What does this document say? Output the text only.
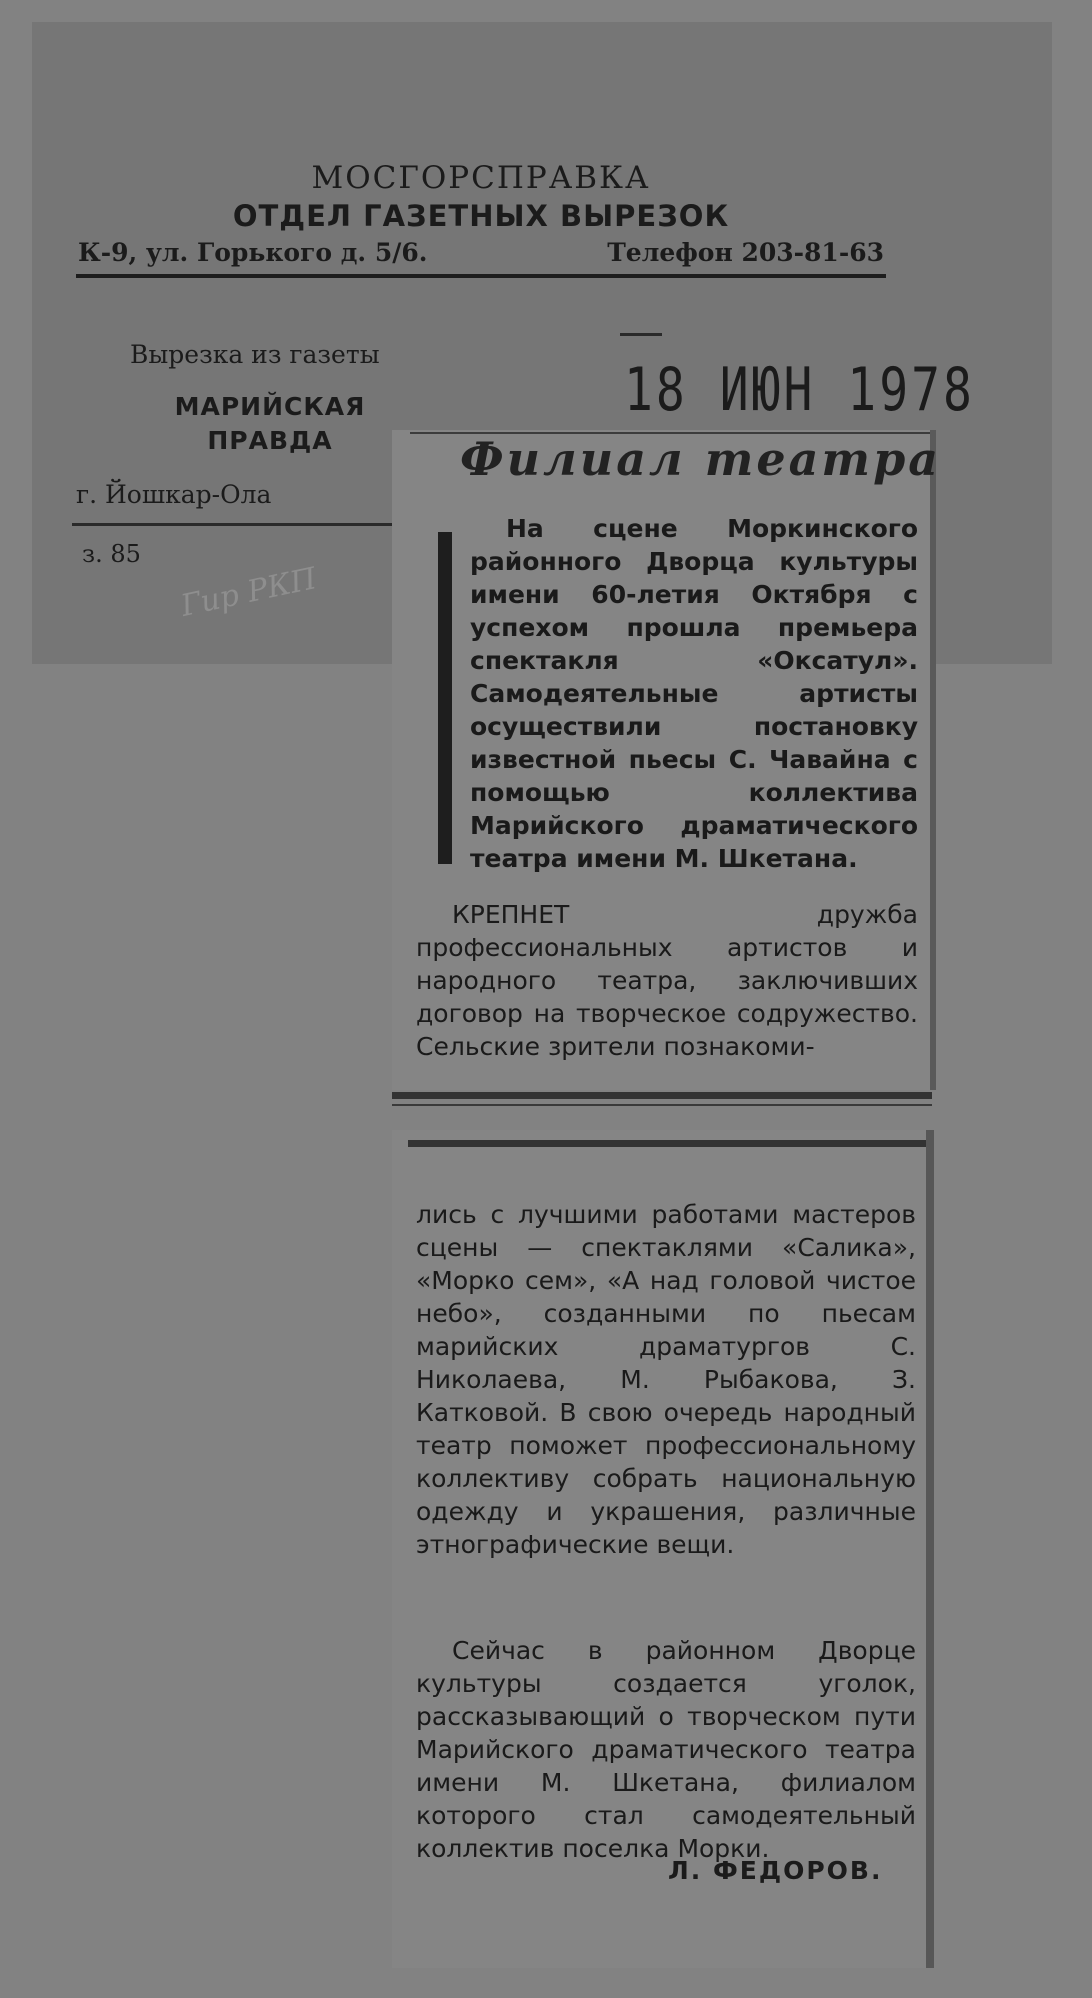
МОСГОРСПРАВКА
ОТДЕЛ ГАЗЕТНЫХ ВЫРЕЗОК
К-9, ул. Горького д. 5/6.	Телефон 203-81-63
Вырезка из газеты
МАРИЙСКАЯ ПРАВДА
г. Йошкар-Ола
з. 85
Гир РКП
18 ИЮН 1978
Филиал театра
На сцене Моркинского районного Дворца культуры имени 60-летия Октября с успехом прошла премьера спектакля «Оксатул». Самодеятельные артисты осуществили постановку известной пьесы С. Чавайна с помощью коллектива Марийского драматического театра имени М. Шкетана.
КРЕПНЕТ дружба профессиональных артистов и народного театра, заключивших договор на творческое содружество. Сельские зрители познакоми-
лись с лучшими работами мастеров сцены — спектаклями «Салика», «Морко сем», «А над головой чистое небо», созданными по пьесам марийских драматургов С. Николаева, М. Рыбакова, З. Катковой. В свою очередь народный театр поможет профессиональному коллективу собрать национальную одежду и украшения, различные этнографические вещи.
Сейчас в районном Дворце культуры создается уголок, рассказывающий о творческом пути Марийского драматического театра имени М. Шкетана, филиалом которого стал самодеятельный коллектив поселка Морки.
Л. ФЕДОРОВ.
